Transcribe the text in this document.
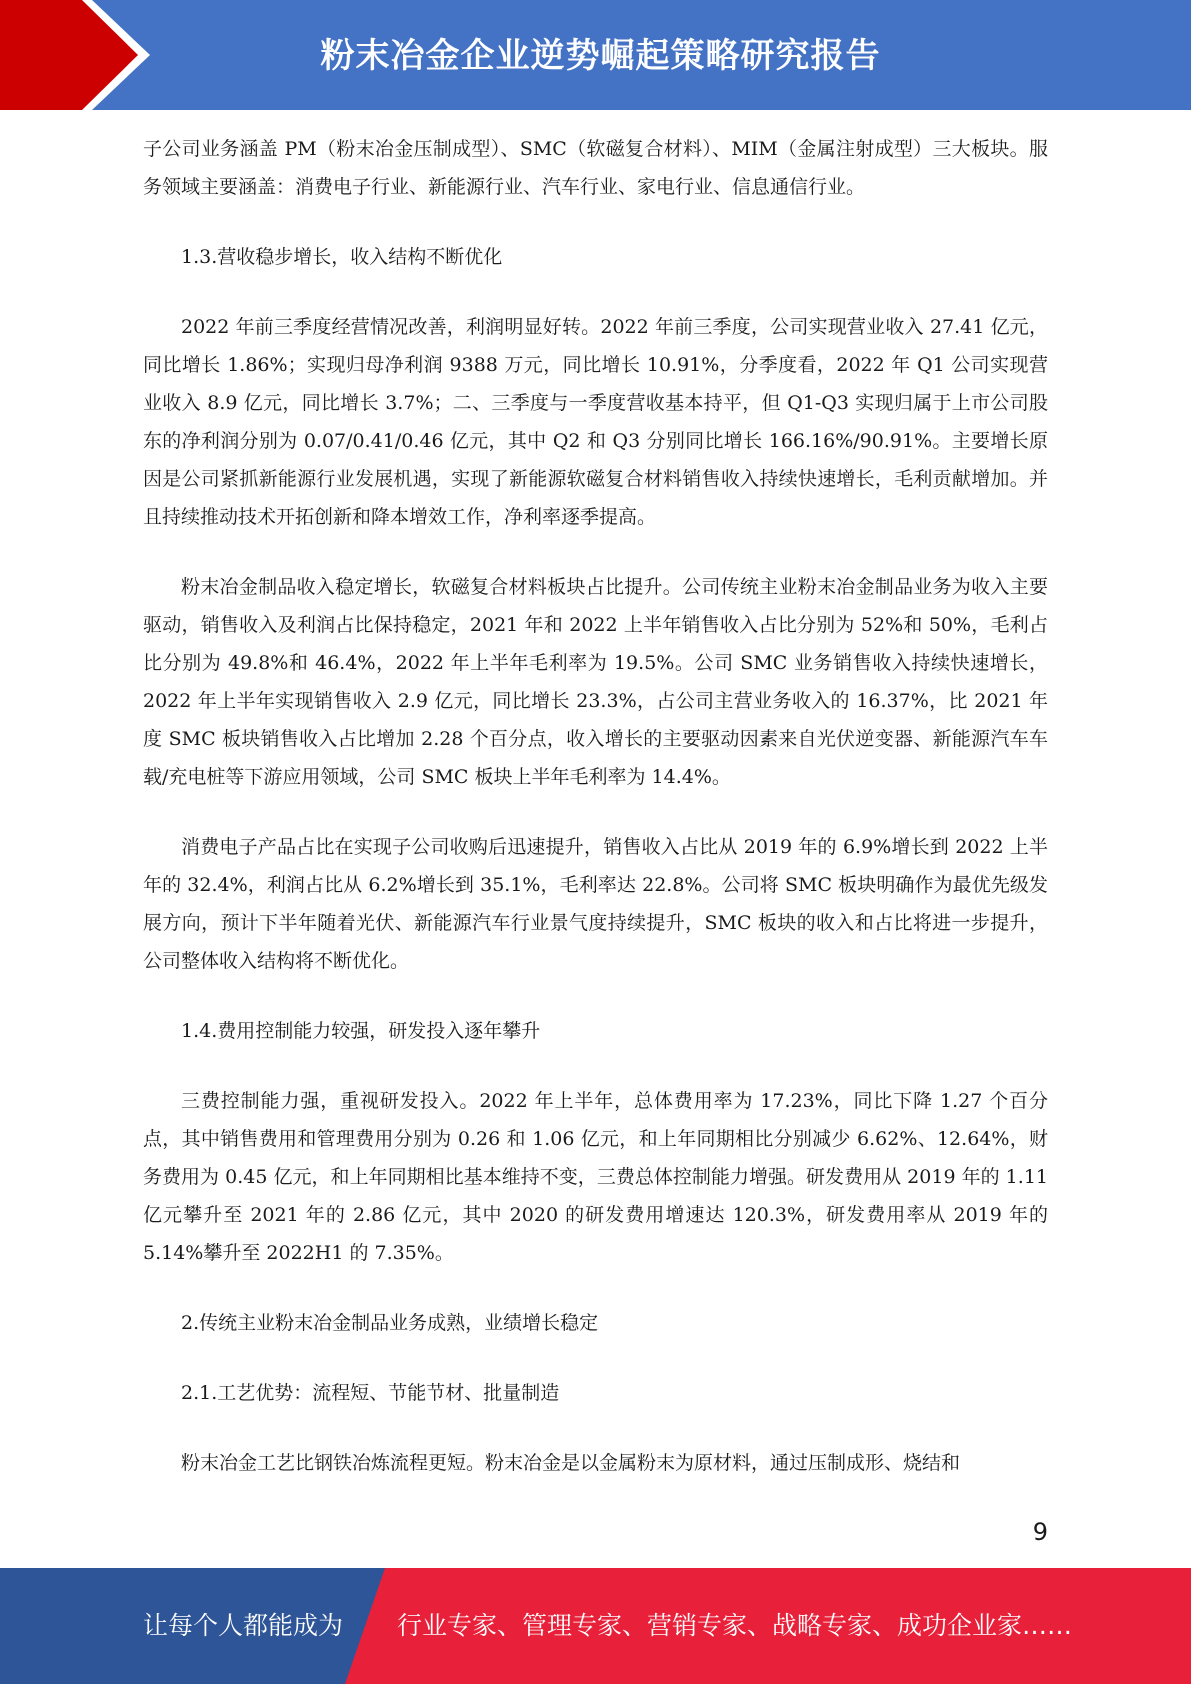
粉末冶金企业逆势崛起策略研究报告

子公司业务涵盖 PM（粉末冶金压制成型）、SMC（软磁复合材料）、MIM（金属注射成型）三大板块。服务领域主要涵盖：消费电子行业、新能源行业、汽车行业、家电行业、信息通信行业。

1.3.营收稳步增长，收入结构不断优化

2022 年前三季度经营情况改善，利润明显好转。2022 年前三季度，公司实现营业收入 27.41 亿元，同比增长 1.86%；实现归母净利润 9388 万元，同比增长 10.91%，分季度看，2022 年 Q1 公司实现营业收入 8.9 亿元，同比增长 3.7%；二、三季度与一季度营收基本持平，但 Q1-Q3 实现归属于上市公司股东的净利润分别为 0.07/0.41/0.46 亿元，其中 Q2 和 Q3 分别同比增长 166.16%/90.91%。主要增长原因是公司紧抓新能源行业发展机遇，实现了新能源软磁复合材料销售收入持续快速增长，毛利贡献增加。并且持续推动技术开拓创新和降本增效工作，净利率逐季提高。

粉末冶金制品收入稳定增长，软磁复合材料板块占比提升。公司传统主业粉末冶金制品业务为收入主要驱动，销售收入及利润占比保持稳定，2021 年和 2022 上半年销售收入占比分别为 52%和 50%，毛利占比分别为 49.8%和 46.4%，2022 年上半年毛利率为 19.5%。公司 SMC 业务销售收入持续快速增长，2022 年上半年实现销售收入 2.9 亿元，同比增长 23.3%，占公司主营业务收入的 16.37%，比 2021 年度 SMC 板块销售收入占比增加 2.28 个百分点，收入增长的主要驱动因素来自光伏逆变器、新能源汽车车载/充电桩等下游应用领域，公司 SMC 板块上半年毛利率为 14.4%。

消费电子产品占比在实现子公司收购后迅速提升，销售收入占比从 2019 年的 6.9%增长到 2022 上半年的 32.4%，利润占比从 6.2%增长到 35.1%，毛利率达 22.8%。公司将 SMC 板块明确作为最优先级发展方向，预计下半年随着光伏、新能源汽车行业景气度持续提升，SMC 板块的收入和占比将进一步提升，公司整体收入结构将不断优化。

1.4.费用控制能力较强，研发投入逐年攀升

三费控制能力强，重视研发投入。2022 年上半年，总体费用率为 17.23%，同比下降 1.27 个百分点，其中销售费用和管理费用分别为 0.26 和 1.06 亿元，和上年同期相比分别减少 6.62%、12.64%，财务费用为 0.45 亿元，和上年同期相比基本维持不变，三费总体控制能力增强。研发费用从 2019 年的 1.11 亿元攀升至 2021 年的 2.86 亿元，其中 2020 的研发费用增速达 120.3%，研发费用率从 2019 年的 5.14%攀升至 2022H1 的 7.35%。

2.传统主业粉末冶金制品业务成熟，业绩增长稳定
2.1.工艺优势：流程短、节能节材、批量制造

粉末冶金工艺比钢铁冶炼流程更短。粉末冶金是以金属粉末为原材料，通过压制成形、烧结和

9
让每个人都能成为 行业专家、管理专家、营销专家、战略专家、成功企业家……
